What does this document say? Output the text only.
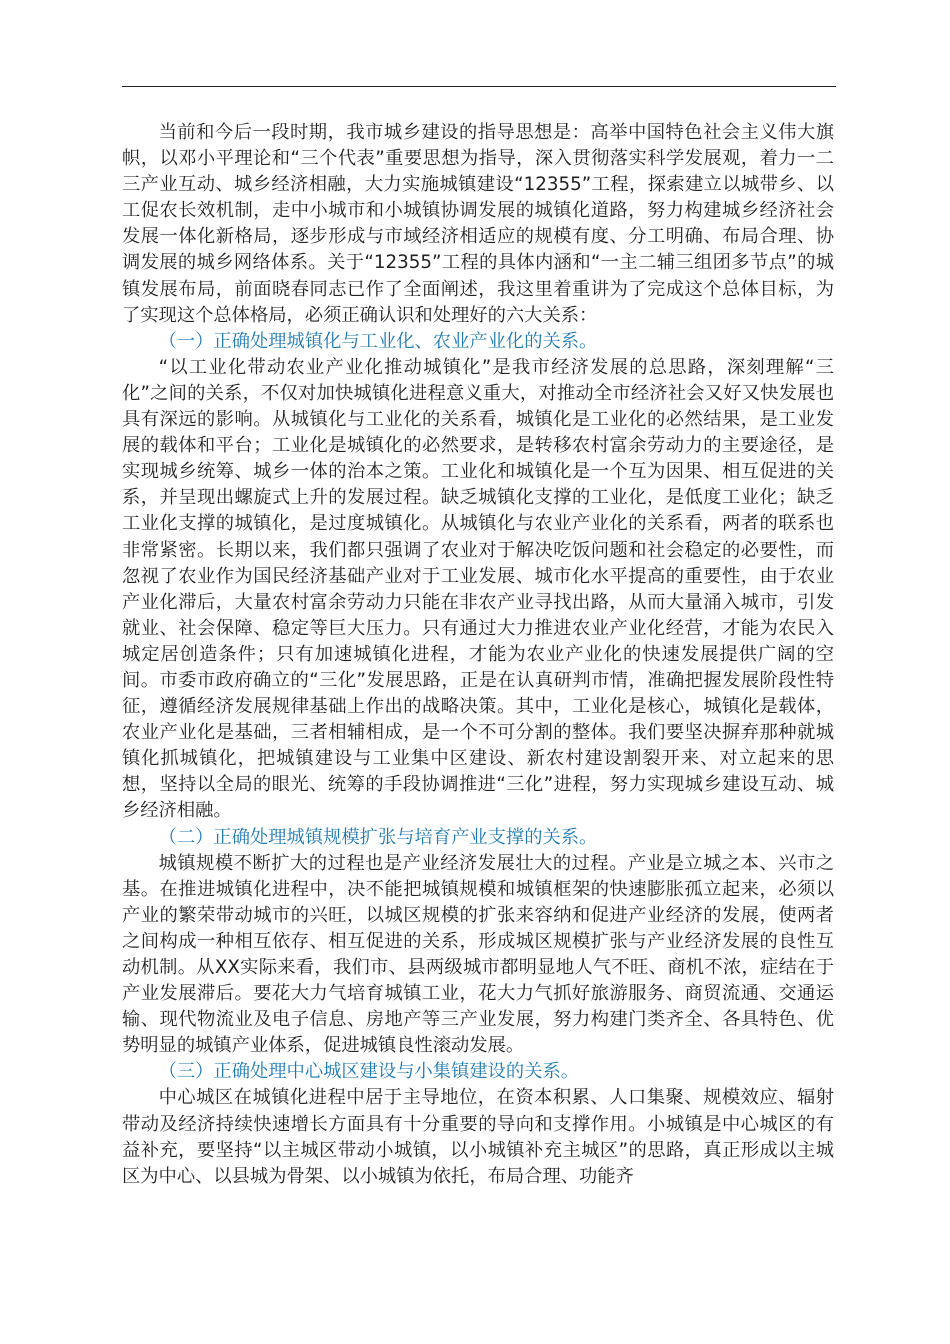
当前和今后一段时期，我市城乡建设的指导思想是：高举中国特色社会主义伟大旗帜，以邓小平理论和“三个代表”重要思想为指导，深入贯彻落实科学发展观，着力一二三产业互动、城乡经济相融，大力实施城镇建设“12355”工程，探索建立以城带乡、以工促农长效机制，走中小城市和小城镇协调发展的城镇化道路，努力构建城乡经济社会发展一体化新格局，逐步形成与市域经济相适应的规模有度、分工明确、布局合理、协调发展的城乡网络体系。关于“12355”工程的具体内涵和“一主二辅三组团多节点”的城镇发展布局，前面晓春同志已作了全面阐述，我这里着重讲为了完成这个总体目标，为了实现这个总体格局，必须正确认识和处理好的六大关系：

（一）正确处理城镇化与工业化、农业产业化的关系。

“以工业化带动农业产业化推动城镇化”是我市经济发展的总思路，深刻理解“三化”之间的关系，不仅对加快城镇化进程意义重大，对推动全市经济社会又好又快发展也具有深远的影响。从城镇化与工业化的关系看，城镇化是工业化的必然结果，是工业发展的载体和平台；工业化是城镇化的必然要求，是转移农村富余劳动力的主要途径，是实现城乡统筹、城乡一体的治本之策。工业化和城镇化是一个互为因果、相互促进的关系，并呈现出螺旋式上升的发展过程。缺乏城镇化支撑的工业化，是低度工业化；缺乏工业化支撑的城镇化，是过度城镇化。从城镇化与农业产业化的关系看，两者的联系也非常紧密。长期以来，我们都只强调了农业对于解决吃饭问题和社会稳定的必要性，而忽视了农业作为国民经济基础产业对于工业发展、城市化水平提高的重要性，由于农业产业化滞后，大量农村富余劳动力只能在非农产业寻找出路，从而大量涌入城市，引发就业、社会保障、稳定等巨大压力。只有通过大力推进农业产业化经营，才能为农民入城定居创造条件；只有加速城镇化进程，才能为农业产业化的快速发展提供广阔的空间。市委市政府确立的“三化”发展思路，正是在认真研判市情，准确把握发展阶段性特征，遵循经济发展规律基础上作出的战略决策。其中，工业化是核心，城镇化是载体，农业产业化是基础，三者相辅相成，是一个不可分割的整体。我们要坚决摒弃那种就城镇化抓城镇化，把城镇建设与工业集中区建设、新农村建设割裂开来、对立起来的思想，坚持以全局的眼光、统筹的手段协调推进“三化”进程，努力实现城乡建设互动、城乡经济相融。

（二）正确处理城镇规模扩张与培育产业支撑的关系。

城镇规模不断扩大的过程也是产业经济发展壮大的过程。产业是立城之本、兴市之基。在推进城镇化进程中，决不能把城镇规模和城镇框架的快速膨胀孤立起来，必须以产业的繁荣带动城市的兴旺，以城区规模的扩张来容纳和促进产业经济的发展，使两者之间构成一种相互依存、相互促进的关系，形成城区规模扩张与产业经济发展的良性互动机制。从XX实际来看，我们市、县两级城市都明显地人气不旺、商机不浓，症结在于产业发展滞后。要花大力气培育城镇工业，花大力气抓好旅游服务、商贸流通、交通运输、现代物流业及电子信息、房地产等三产业发展，努力构建门类齐全、各具特色、优势明显的城镇产业体系，促进城镇良性滚动发展。

（三）正确处理中心城区建设与小集镇建设的关系。

中心城区在城镇化进程中居于主导地位，在资本积累、人口集聚、规模效应、辐射带动及经济持续快速增长方面具有十分重要的导向和支撑作用。小城镇是中心城区的有益补充，要坚持“以主城区带动小城镇，以小城镇补充主城区”的思路，真正形成以主城区为中心、以县城为骨架、以小城镇为依托，布局合理、功能齐
